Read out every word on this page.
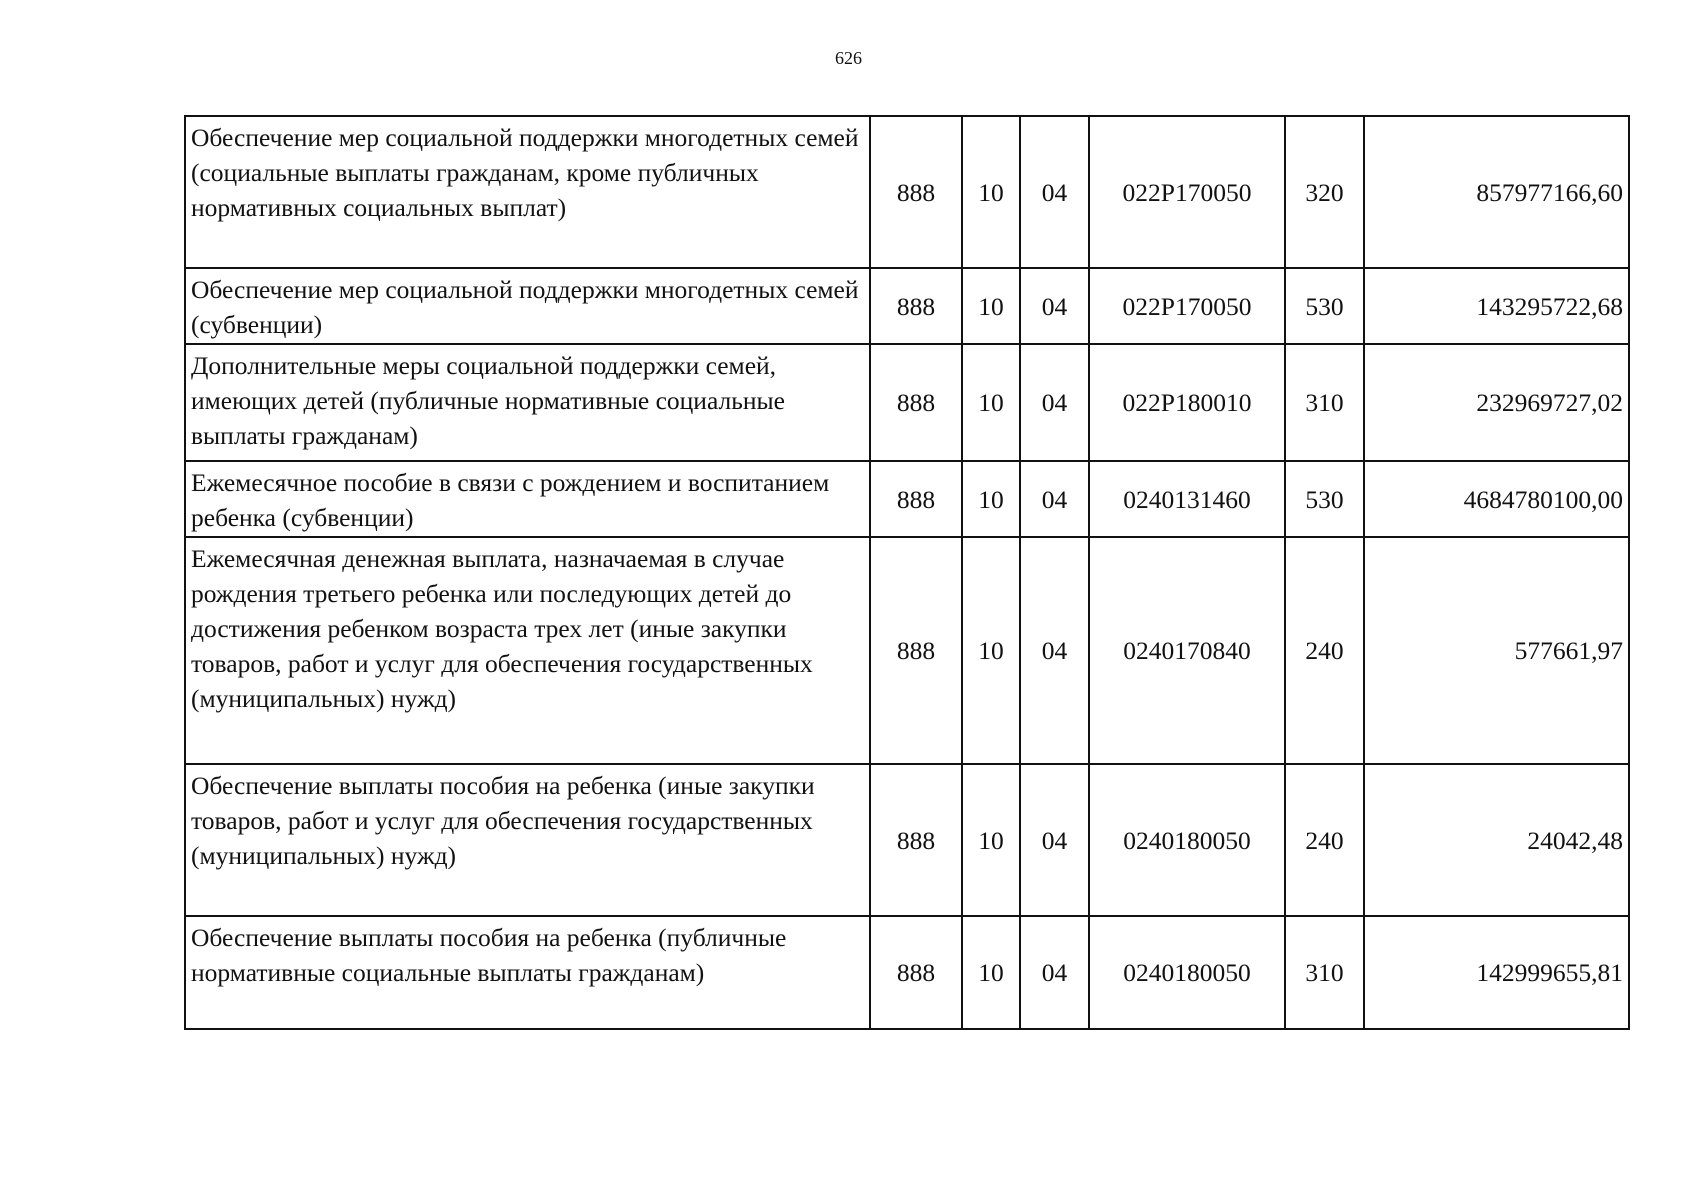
626
Обеспечение мер социальной поддержки многодетных семей (социальные выплаты гражданам, кроме публичных нормативных социальных выплат)	888	10	04	022Р170050	320	857977166,60
Обеспечение мер социальной поддержки многодетных семей (субвенции)	888	10	04	022Р170050	530	143295722,68
Дополнительные меры социальной поддержки семей, имеющих детей (публичные нормативные социальные выплаты гражданам)	888	10	04	022Р180010	310	232969727,02
Ежемесячное пособие в связи с рождением и воспитанием ребенка (субвенции)	888	10	04	0240131460	530	4684780100,00
Ежемесячная денежная выплата, назначаемая в случае рождения третьего ребенка или последующих детей до достижения ребенком возраста трех лет (иные закупки товаров, работ и услуг для обеспечения государственных (муниципальных) нужд)	888	10	04	0240170840	240	577661,97
Обеспечение выплаты пособия на ребенка (иные закупки товаров, работ и услуг для обеспечения государственных (муниципальных) нужд)	888	10	04	0240180050	240	24042,48
Обеспечение выплаты пособия на ребенка (публичные нормативные социальные выплаты гражданам)	888	10	04	0240180050	310	142999655,81
